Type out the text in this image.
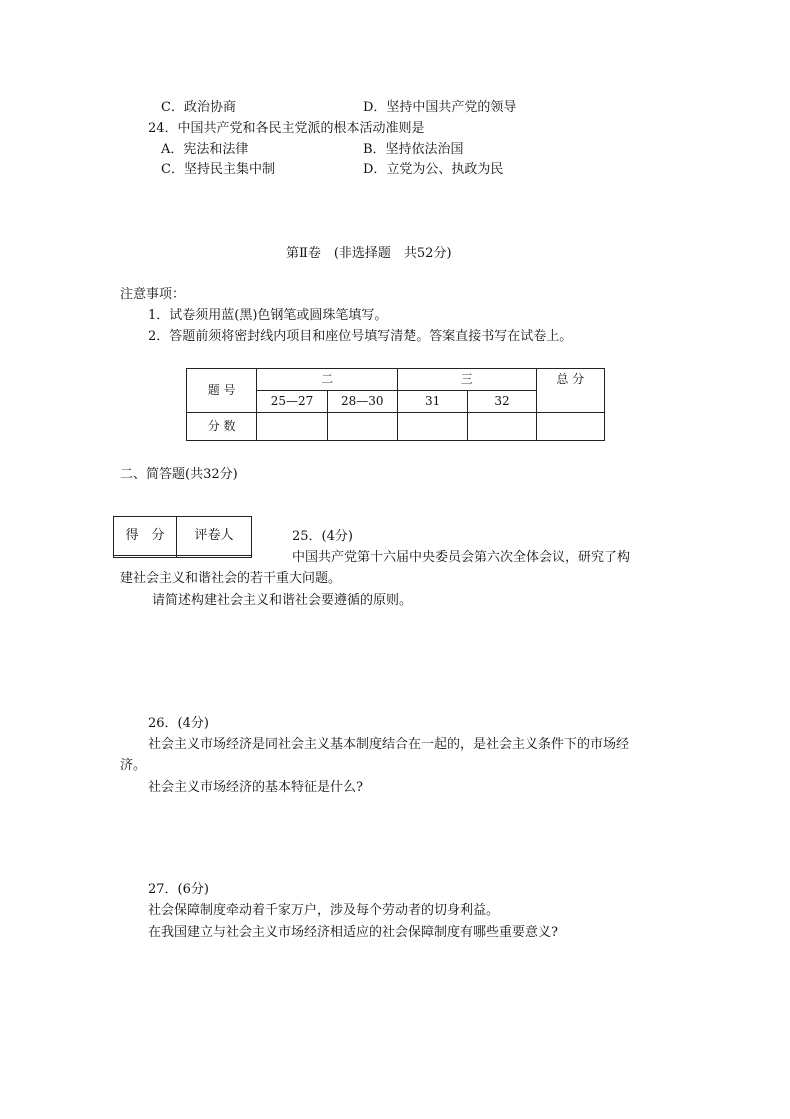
C．政治协商	D．坚持中国共产党的领导
24．中国共产党和各民主党派的根本活动准则是
A．宪法和法律	B．坚持依法治国
C．坚持民主集中制	D．立党为公、执政为民
第Ⅱ卷　(非选择题　共52分)
注意事项：
1．试卷须用蓝(黑)色钢笔或圆珠笔填写。
2．答题前须将密封线内项目和座位号填写清楚。答案直接书写在试卷上。
题 号	二		三		总 分
	25—27	28—30	31	32	
分 数					
二、简答题(共32分)
得　分	评卷人
		25．(4分)
中国共产党第十六届中央委员会第六次全体会议，研究了构
建社会主义和谐社会的若干重大问题。
请简述构建社会主义和谐社会要遵循的原则。
26．(4分)
社会主义市场经济是同社会主义基本制度结合在一起的，是社会主义条件下的市场经
济。
社会主义市场经济的基本特征是什么?
27．(6分)
社会保障制度牵动着千家万户，涉及每个劳动者的切身利益。
在我国建立与社会主义市场经济相适应的社会保障制度有哪些重要意义?
